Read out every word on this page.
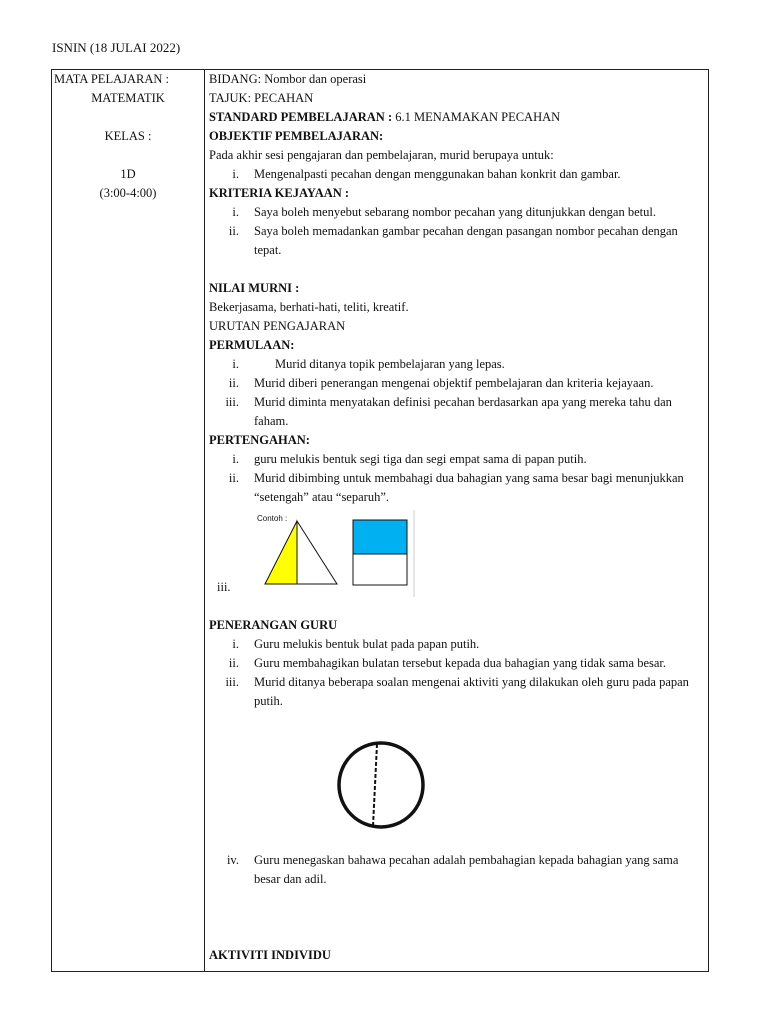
ISNIN (18 JULAI 2022)
MATA PELAJARAN :
MATEMATIK
KELAS :
1D
(3:00-4:00)
BIDANG: Nombor dan operasi
TAJUK: PECAHAN
STANDARD PEMBELAJARAN : 6.1 MENAMAKAN PECAHAN
OBJEKTIF PEMBELAJARAN:
Pada akhir sesi pengajaran dan pembelajaran, murid berupaya untuk:
i. Mengenalpasti pecahan dengan menggunakan bahan konkrit dan gambar.
KRITERIA KEJAYAAN :
i. Saya boleh menyebut sebarang nombor pecahan yang ditunjukkan dengan betul.
ii. Saya boleh memadankan gambar pecahan dengan pasangan nombor pecahan dengan tepat.
NILAI MURNI :
Bekerjasama, berhati-hati, teliti, kreatif.
URUTAN PENGAJARAN
PERMULAAN:
i.	Murid ditanya topik pembelajaran yang lepas.
ii. Murid diberi penerangan mengenai objektif pembelajaran dan kriteria kejayaan.
iii. Murid diminta menyatakan definisi pecahan berdasarkan apa yang mereka tahu dan faham.
PERTENGAHAN:
i. guru melukis bentuk segi tiga dan segi empat sama di papan putih.
ii. Murid dibimbing untuk membahagi dua bahagian yang sama besar bagi menunjukkan “setengah” atau “separuh”.
Contoh :
iii.
PENERANGAN GURU
i. Guru melukis bentuk bulat pada papan putih.
ii. Guru membahagikan bulatan tersebut kepada dua bahagian yang tidak sama besar.
iii. Murid ditanya beberapa soalan mengenai aktiviti yang dilakukan oleh guru pada papan putih.
iv. Guru menegaskan bahawa pecahan adalah pembahagian kepada bahagian yang sama besar dan adil.
AKTIVITI INDIVIDU
